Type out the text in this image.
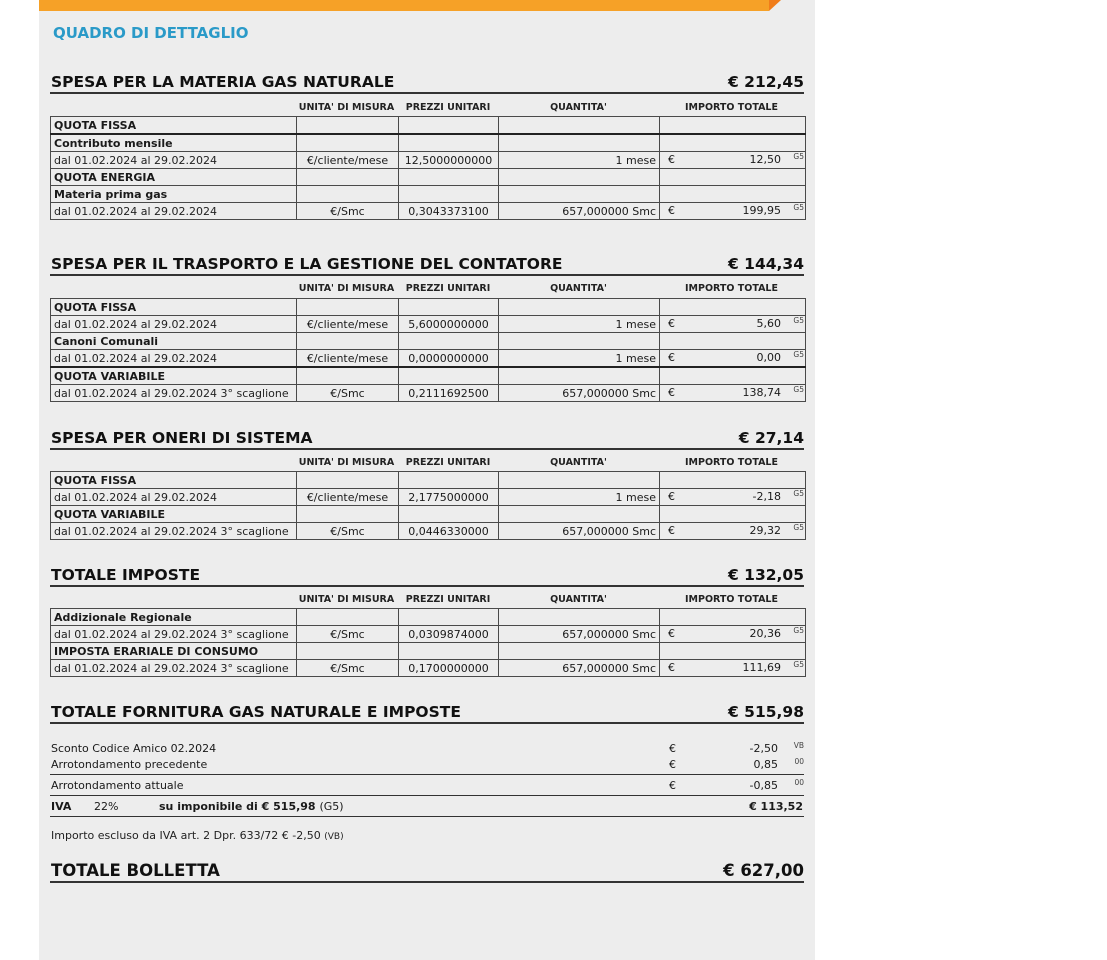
QUADRO DI DETTAGLIO
SPESA PER LA MATERIA GAS NATURALE	€ 212,45
UNITA' DI MISURA	PREZZI UNITARI	QUANTITA'	IMPORTO TOTALE
QUOTA FISSA				
Contributo mensile				
dal 01.02.2024 al 29.02.2024	€/cliente/mese	12,5000000000	1 mese	€ 12,50 G5

QUOTA ENERGIA				
Materia prima gas				
dal 01.02.2024 al 29.02.2024	€/Smc	0,3043373100	657,000000 Smc	€ 199,95 G5
SPESA PER IL TRASPORTO E LA GESTIONE DEL CONTATORE	€ 144,34
UNITA' DI MISURA	PREZZI UNITARI	QUANTITA'	IMPORTO TOTALE
QUOTA FISSA				
dal 01.02.2024 al 29.02.2024	€/cliente/mese	5,6000000000	1 mese	€ 5,60 G5

Canoni Comunali				
dal 01.02.2024 al 29.02.2024	€/cliente/mese	0,0000000000	1 mese	€ 0,00 G5

QUOTA VARIABILE				
dal 01.02.2024 al 29.02.2024 3° scaglione	€/Smc	0,2111692500	657,000000 Smc	€ 138,74 G5
SPESA PER ONERI DI SISTEMA	€ 27,14
UNITA' DI MISURA	PREZZI UNITARI	QUANTITA'	IMPORTO TOTALE
QUOTA FISSA				
dal 01.02.2024 al 29.02.2024	€/cliente/mese	2,1775000000	1 mese	€ -2,18 G5

QUOTA VARIABILE				
dal 01.02.2024 al 29.02.2024 3° scaglione	€/Smc	0,0446330000	657,000000 Smc	€ 29,32 G5
TOTALE IMPOSTE	€ 132,05
UNITA' DI MISURA	PREZZI UNITARI	QUANTITA'	IMPORTO TOTALE
Addizionale Regionale				
dal 01.02.2024 al 29.02.2024 3° scaglione	€/Smc	0,0309874000	657,000000 Smc	€ 20,36 G5

IMPOSTA ERARIALE DI CONSUMO				
dal 01.02.2024 al 29.02.2024 3° scaglione	€/Smc	0,1700000000	657,000000 Smc	€ 111,69 G5
TOTALE FORNITURA GAS NATURALE E IMPOSTE	€ 515,98
Sconto Codice Amico 02.2024	€	-2,50 VB
Arrotondamento precedente	€	0,85 00
Arrotondamento attuale	€	-0,85 00
IVA 22%	su imponibile di € 515,98 (G5)	€ 113,52
Importo escluso da IVA art. 2 Dpr. 633/72 € -2,50 (VB)
TOTALE BOLLETTA	€ 627,00
